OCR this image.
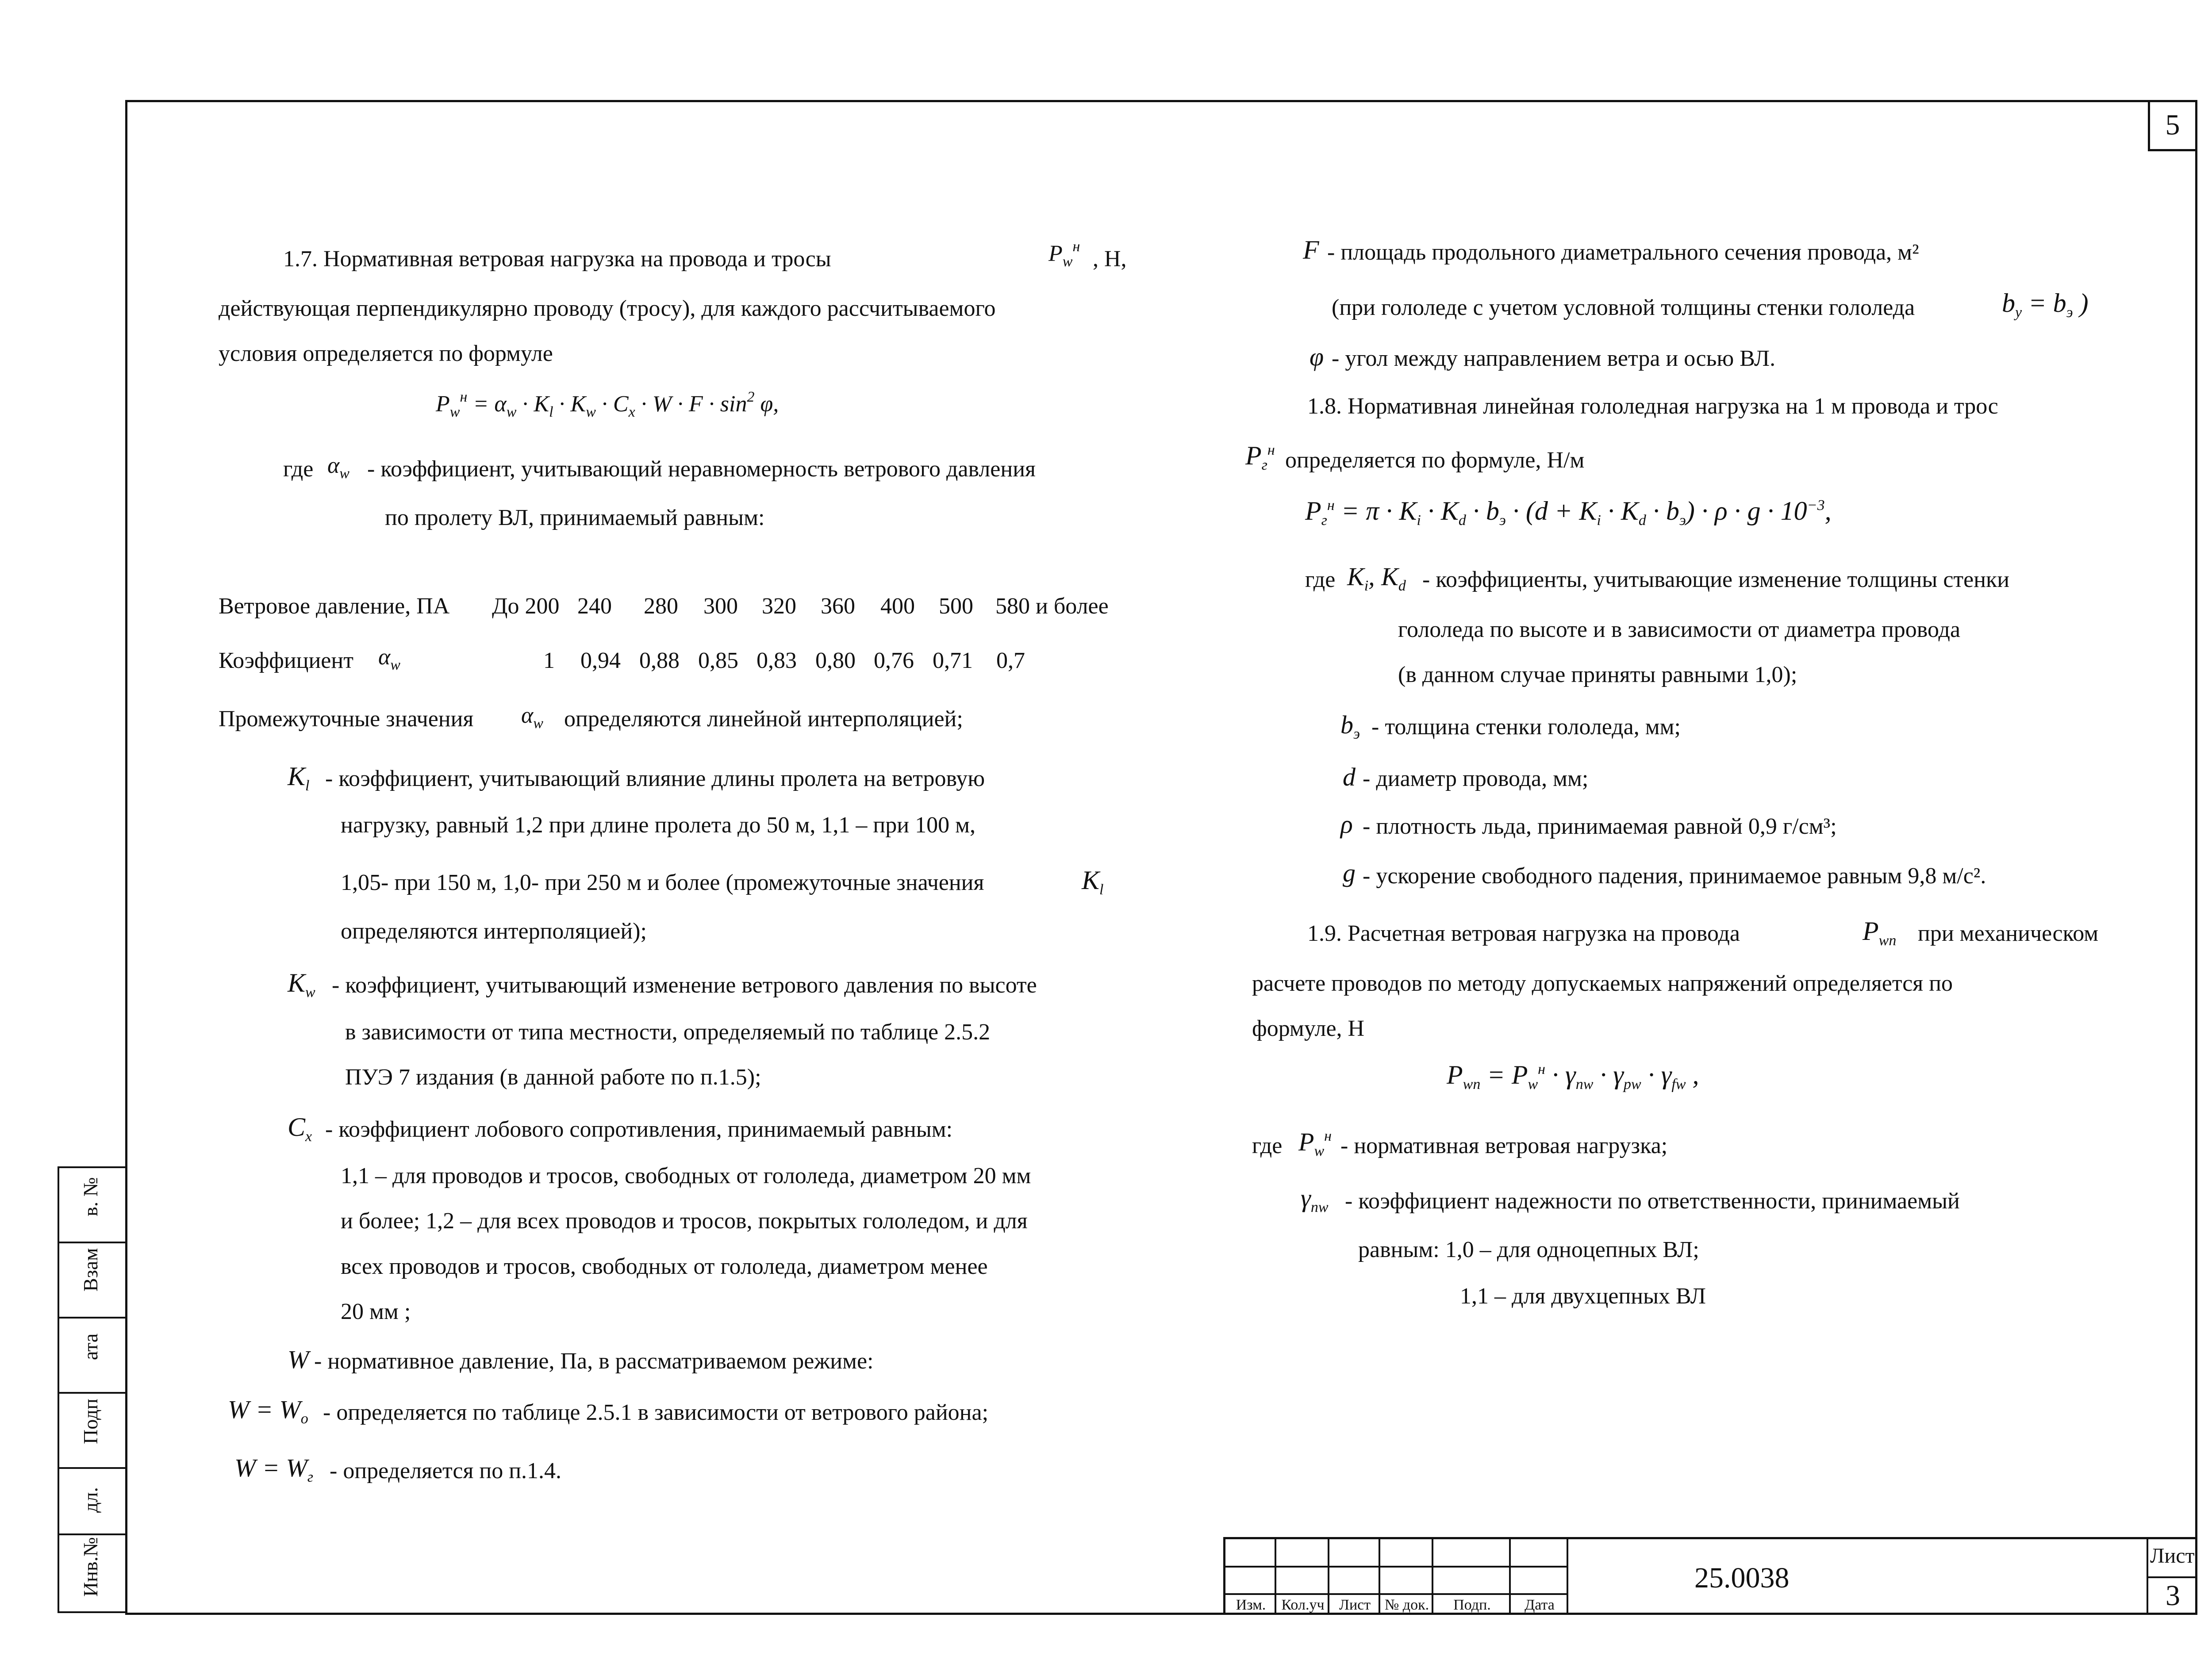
5
в. №
Взам
ата
Подп
дл.
Инв.№
1.7. Нормативная ветровая нагрузка на провода и тросы	$P_w^н$ , Н,
действующая перпендикулярно проводу (тросу), для каждого рассчитываемого
условия определяется по формуле
$P_w^н = \alpha_w \cdot K_l \cdot K_w \cdot C_x \cdot W \cdot F \cdot \sin^2 \varphi$,
где $\alpha_w$ - коэффициент, учитывающий неравномерность ветрового давления
по пролету ВЛ, принимаемый равным:
Ветровое давление, ПА До 200 240 280 300 320 360 400 500 580 и более
Коэффициент $\alpha_w$	1 0,94 0,88 0,85 0,83 0,80 0,76 0,71 0,7
Промежуточные значения $\alpha_w$ определяются линейной интерполяцией;
$K_l$ - коэффициент, учитывающий влияние длины пролета на ветровую
нагрузку, равный 1,2 при длине пролета до 50 м, 1,1 – при 100 м,
1,05- при 150 м, 1,0- при 250 м и более (промежуточные значения	$K_l$
определяются интерполяцией);
$K_w$ - коэффициент, учитывающий изменение ветрового давления по высоте
в зависимости от типа местности, определяемый по таблице 2.5.2
ПУЭ 7 издания (в данной работе по п.1.5);
$C_x$ - коэффициент лобового сопротивления, принимаемый равным:
1,1 – для проводов и тросов, свободных от гололеда, диаметром 20 мм
и более; 1,2 – для всех проводов и тросов, покрытых гололедом, и для
всех проводов и тросов, свободных от гололеда, диаметром менее
20 мм ;
W - нормативное давление, Па, в рассматриваемом режиме:
$W = W_o$ - определяется по таблице 2.5.1 в зависимости от ветрового района;
$W = W_г$ - определяется по п.1.4.
F - площадь продольного диаметрального сечения провода, м²
(при гололеде с учетом условной толщины стенки гололеда	$b_y = b_э$ )
φ - угол между направлением ветра и осью ВЛ.
1.8. Нормативная линейная гололедная нагрузка на 1 м провода и трос
$P_г^н$ определяется по формуле, Н/м
$P_г^н = \pi \cdot K_i \cdot K_d \cdot b_э \cdot (d + K_i \cdot K_d \cdot b_э) \cdot \rho \cdot g \cdot 10^{-3}$,
где $K_i$, $K_d$ - коэффициенты, учитывающие изменение толщины стенки
гололеда по высоте и в зависимости от диаметра провода
(в данном случае приняты равными 1,0);
$b_э$ - толщина стенки гололеда, мм;
d - диаметр провода, мм;
ρ - плотность льда, принимаемая равной 0,9 г/см³;
g - ускорение свободного падения, принимаемое равным 9,8 м/с².
1.9. Расчетная ветровая нагрузка на провода	$P_{wп}$ при механическом
расчете проводов по методу допускаемых напряжений определяется по
формуле, Н
$P_{wп} = P_w^н \cdot \gamma_{nw} \cdot \gamma_{pw} \cdot \gamma_{fw}$ ,
где $P_w^н$ - нормативная ветровая нагрузка;
$\gamma_{nw}$ - коэффициент надежности по ответственности, принимаемый
равным: 1,0 – для одноцепных ВЛ;
1,1 – для двухцепных ВЛ
Изм.	Кол.уч Лист № док.	Подп.	Дата
25.0038
Лист
3
